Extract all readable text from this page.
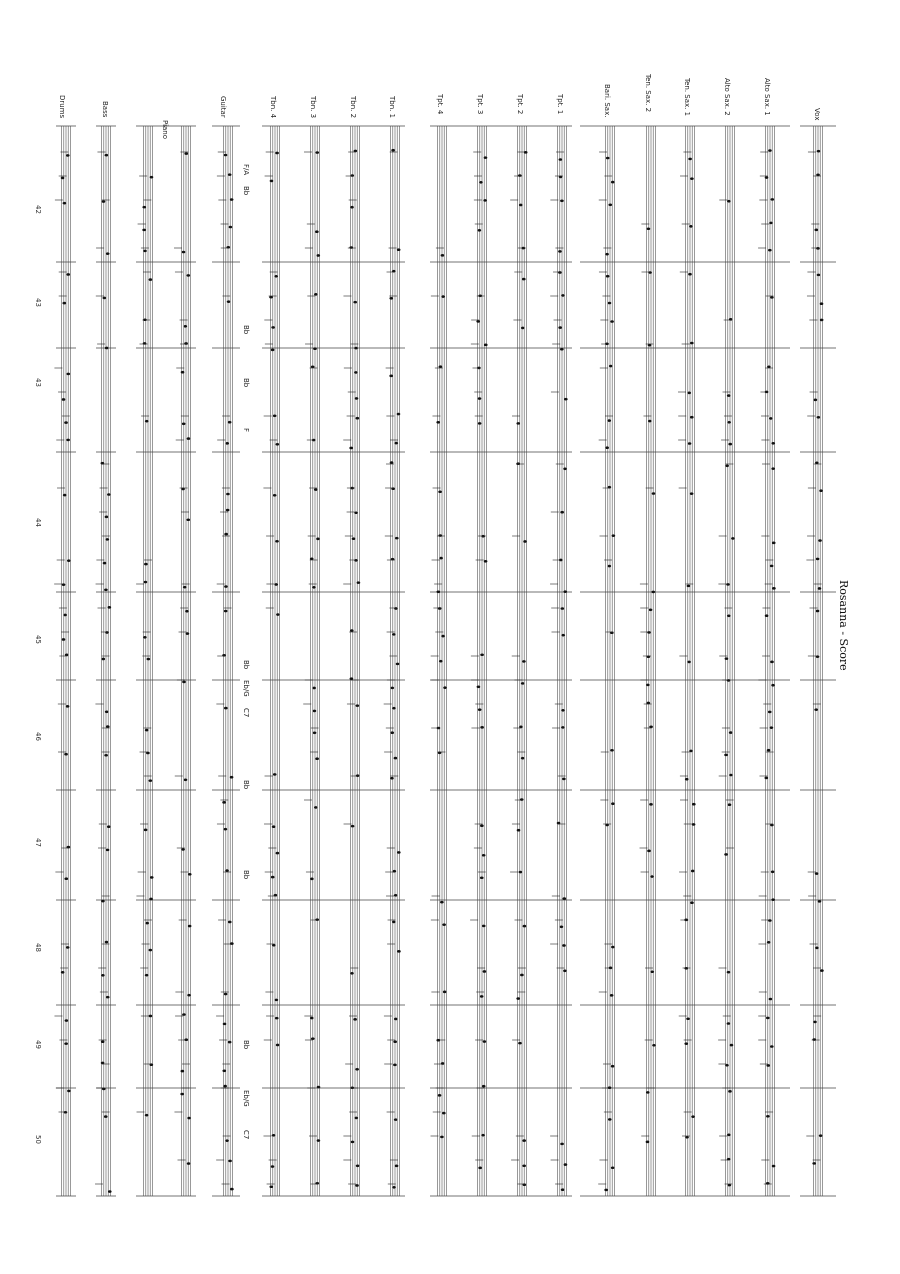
Vox
Alto Sax. 1
Alto Sax. 2
Ten. Sax. 1
Ten. Sax. 2
Bari. Sax.
Tpt. 1
Tpt. 2
Tpt. 3
Tpt. 4
Tbn. 1
Tbn. 2
Tbn. 3
Tbn. 4
Guitar
Piano
Bass
Drums
42
43
43
44
45
46
47
48
49
50
F/A
Bb
Bb
Bb
F
Bb
Eb/G
C7
Bb
Bb
Bb
Eb/G
C7
Rosanna - Score
